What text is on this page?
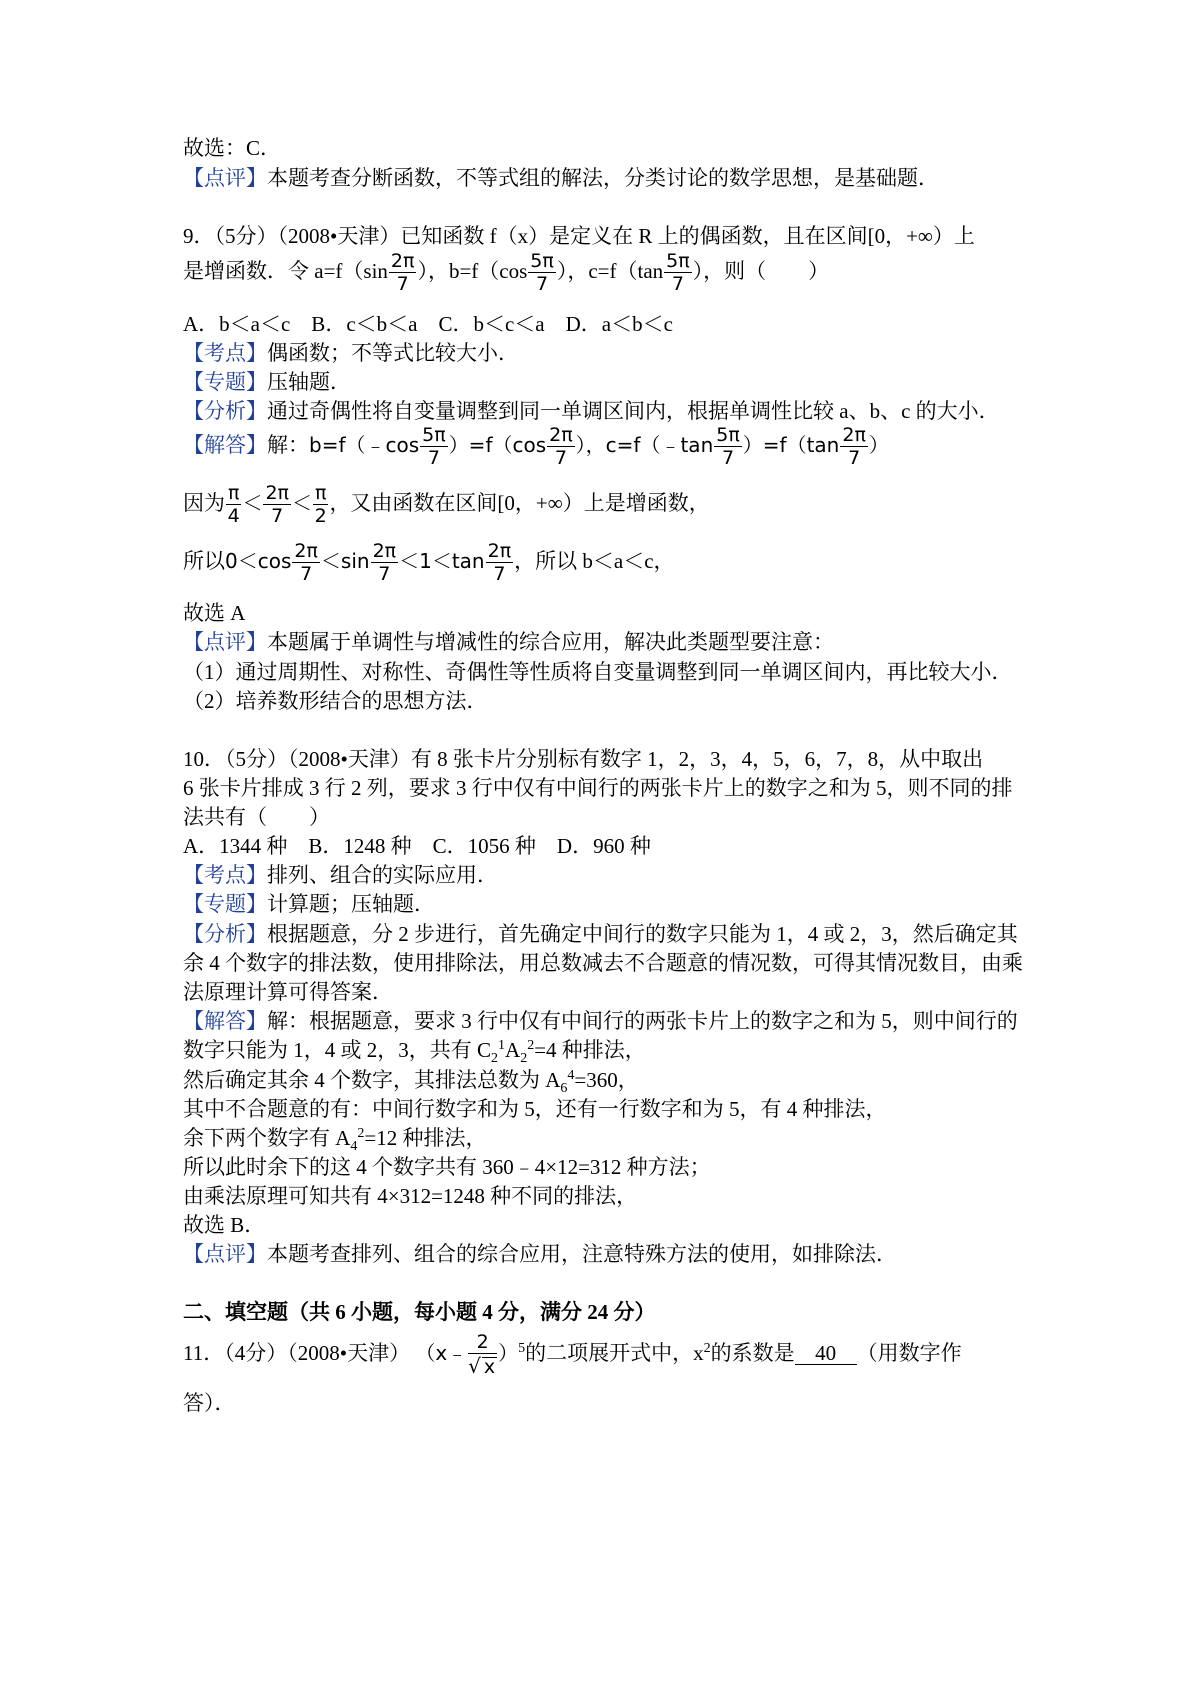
故选：C．
【点评】本题考查分断函数，不等式组的解法，分类讨论的数学思想，是基础题．
9．（5分）（2008•天津）已知函数 f（x）是定义在 R 上的偶函数，且在区间[0，+∞）上
是增函数．令 $a=f(\sin \frac{2\pi}{7}$ ），$b=f(\cos \frac{5\pi}{7}$ ），$c=f(\tan \frac{5\pi}{7}$ ），则（　　）
A．b＜a＜c　B．c＜b＜a　C．b＜c＜a　D．a＜b＜c
【考点】偶函数；不等式比较大小．
【专题】压轴题．
【分析】通过奇偶性将自变量调整到同一单调区间内，根据单调性比较 a、b、c 的大小．
【解答】解：b=f（﹣cos $\frac{5\pi}{7} )=f(\cos \frac{2\pi}{7}$ ），c=f（﹣tan $\frac{5\pi}{7} )=f(\tan \frac{2\pi}{7}$ ）
因为 $\frac{\pi}{4} < \frac{2\pi}{7} < \frac{\pi}{2}$ ，又由函数在区间[0，+∞）上是增函数，
所以$0<\cos \frac{2\pi}{7} <\sin \frac{2\pi}{7} <1<\tan \frac{2\pi}{7}$ ，所以 b＜a＜c，
故选 A
【点评】本题属于单调性与增减性的综合应用，解决此类题型要注意：
（1）通过周期性、对称性、奇偶性等性质将自变量调整到同一单调区间内，再比较大小．
（2）培养数形结合的思想方法．
10．（5分）（2008•天津）有 8 张卡片分别标有数字 1，2，3，4，5，6，7，8，从中取出
6 张卡片排成 3 行 2 列，要求 3 行中仅有中间行的两张卡片上的数字之和为 5，则不同的排
法共有（　　）
A．1344 种　B．1248 种　C．1056 种　D．960 种
【考点】排列、组合的实际应用．
【专题】计算题；压轴题．
【分析】根据题意，分 2 步进行，首先确定中间行的数字只能为 1，4 或 2，3，然后确定其
余 4 个数字的排法数，使用排除法，用总数减去不合题意的情况数，可得其情况数目，由乘
法原理计算可得答案．
【解答】解：根据题意，要求 3 行中仅有中间行的两张卡片上的数字之和为 5，则中间行的
数字只能为 1，4 或 2，3，共有 $C_2^1A_2^2=4$ 种排法，
然后确定其余 4 个数字，其排法总数为 $A_6^4=360$，
其中不合题意的有：中间行数字和为 5，还有一行数字和为 5，有 4 种排法，
余下两个数字有 $A_4^2=12$ 种排法，
所以此时余下的这 4 个数字共有 360﹣4×12=312 种方法；
由乘法原理可知共有 4×312=1248 种不同的排法，
故选 B．
【点评】本题考查排列、组合的综合应用，注意特殊方法的使用，如排除法．
二、填空题（共 6 小题，每小题 4 分，满分 24 分）
11．（4分）（2008•天津） （x﹣ $\frac{2}{√ x} )^5$的二项展开式中，$x^2$的系数是 40 （用数字作
答）．
